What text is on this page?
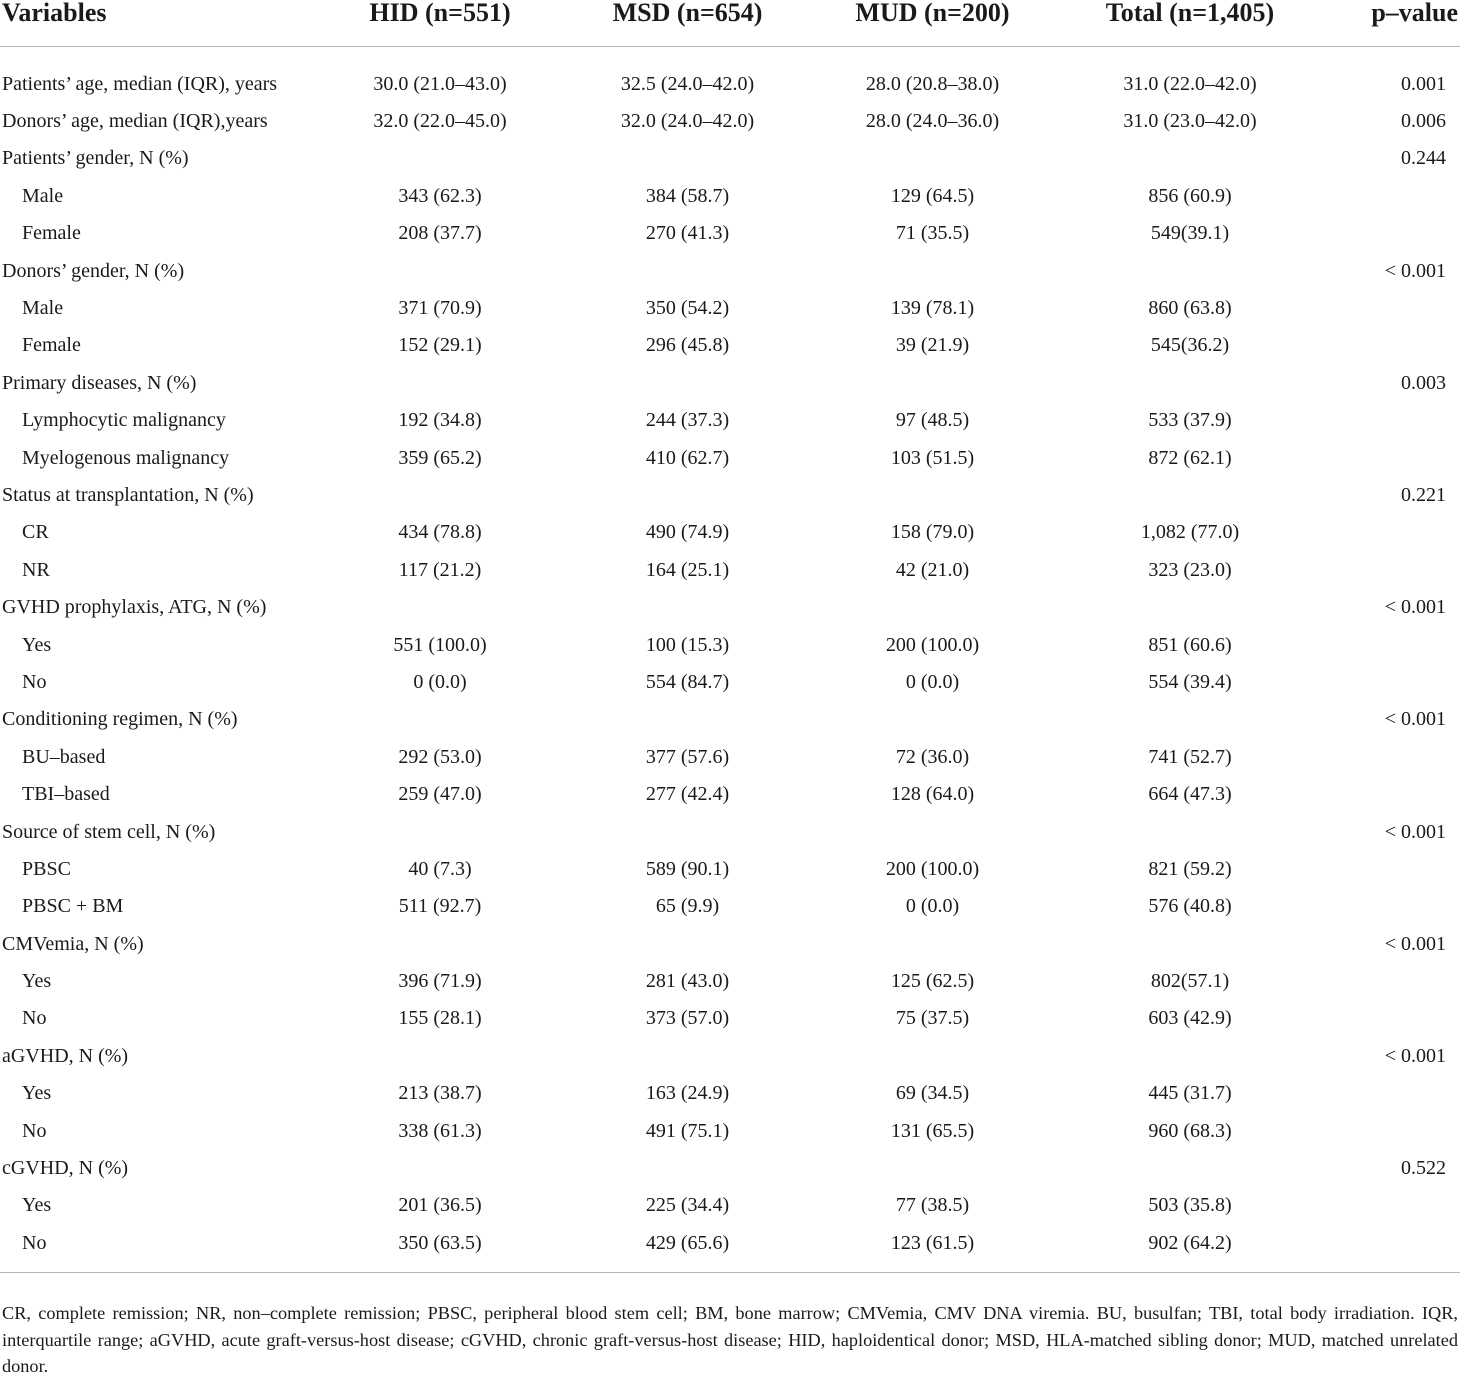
Variables	HID (n=551)	MSD (n=654)	MUD (n=200)	Total (n=1,405)	p–value
Patients’ age, median (IQR), years	30.0 (21.0–43.0)	32.5 (24.0–42.0)	28.0 (20.8–38.0)	31.0 (22.0–42.0)	0.001
Donors’ age, median (IQR),years	32.0 (22.0–45.0)	32.0 (24.0–42.0)	28.0 (24.0–36.0)	31.0 (23.0–42.0)	0.006
Patients’ gender, N (%)					0.244
Male	343 (62.3)	384 (58.7)	129 (64.5)	856 (60.9)	
Female	208 (37.7)	270 (41.3)	71 (35.5)	549(39.1)	
Donors’ gender, N (%)					< 0.001
Male	371 (70.9)	350 (54.2)	139 (78.1)	860 (63.8)	
Female	152 (29.1)	296 (45.8)	39 (21.9)	545(36.2)	
Primary diseases, N (%)					0.003
Lymphocytic malignancy	192 (34.8)	244 (37.3)	97 (48.5)	533 (37.9)	
Myelogenous malignancy	359 (65.2)	410 (62.7)	103 (51.5)	872 (62.1)	
Status at transplantation, N (%)					0.221
CR	434 (78.8)	490 (74.9)	158 (79.0)	1,082 (77.0)	
NR	117 (21.2)	164 (25.1)	42 (21.0)	323 (23.0)	
GVHD prophylaxis, ATG, N (%)					< 0.001
Yes	551 (100.0)	100 (15.3)	200 (100.0)	851 (60.6)	
No	0 (0.0)	554 (84.7)	0 (0.0)	554 (39.4)	
Conditioning regimen, N (%)					< 0.001
BU–based	292 (53.0)	377 (57.6)	72 (36.0)	741 (52.7)	
TBI–based	259 (47.0)	277 (42.4)	128 (64.0)	664 (47.3)	
Source of stem cell, N (%)					< 0.001
PBSC	40 (7.3)	589 (90.1)	200 (100.0)	821 (59.2)	
PBSC + BM	511 (92.7)	65 (9.9)	0 (0.0)	576 (40.8)	
CMVemia, N (%)					< 0.001
Yes	396 (71.9)	281 (43.0)	125 (62.5)	802(57.1)	
No	155 (28.1)	373 (57.0)	75 (37.5)	603 (42.9)	
aGVHD, N (%)					< 0.001
Yes	213 (38.7)	163 (24.9)	69 (34.5)	445 (31.7)	
No	338 (61.3)	491 (75.1)	131 (65.5)	960 (68.3)	
cGVHD, N (%)					0.522
Yes	201 (36.5)	225 (34.4)	77 (38.5)	503 (35.8)	
No	350 (63.5)	429 (65.6)	123 (61.5)	902 (64.2)	

CR, complete remission; NR, non–complete remission; PBSC, peripheral blood stem cell; BM, bone marrow; CMVemia, CMV DNA viremia. BU, busulfan; TBI, total body irradiation. IQR, interquartile range; aGVHD, acute graft-versus-host disease; cGVHD, chronic graft-versus-host disease; HID, haploidentical donor; MSD, HLA-matched sibling donor; MUD, matched unrelated donor.
